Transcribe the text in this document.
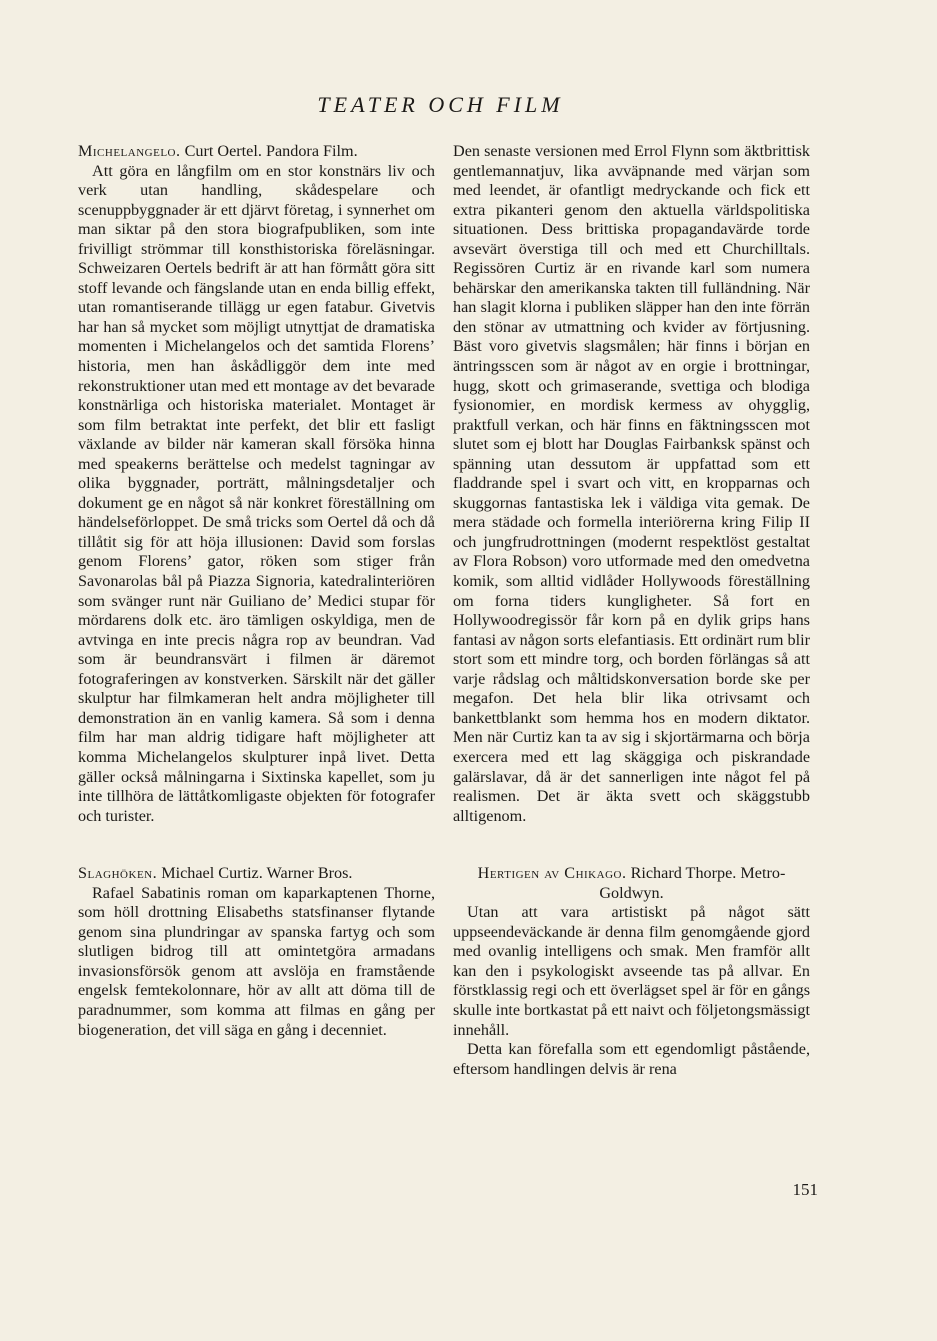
TEATER OCH FILM

Michelangelo. Curt Oertel. Pandora Film.

Att göra en långfilm om en stor konstnärs liv och verk utan handling, skådespelare och scenuppbyggnader är ett djärvt företag, i synnerhet om man siktar på den stora biografpubliken, som inte frivilligt strömmar till konsthistoriska föreläsningar. Schweizaren Oertels bedrift är att han förmått göra sitt stoff levande och fängslande utan en enda billig effekt, utan romantiserande tillägg ur egen fatabur. Givetvis har han så mycket som möjligt utnyttjat de dramatiska momenten i Michelangelos och det samtida Florens’ historia, men han åskådliggör dem inte med rekonstruktioner utan med ett montage av det bevarade konstnärliga och historiska materialet. Montaget är som film betraktat inte perfekt, det blir ett fasligt växlande av bilder när kameran skall försöka hinna med speakerns berättelse och medelst tagningar av olika byggnader, porträtt, målningsdetaljer och dokument ge en något så när konkret föreställning om händelseförloppet. De små tricks som Oertel då och då tillåtit sig för att höja illusionen: David som forslas genom Florens’ gator, röken som stiger från Savonarolas bål på Piazza Signoria, katedralinteriören som svänger runt när Guiliano de’ Medici stupar för mördarens dolk etc. äro tämligen oskyldiga, men de avtvinga en inte precis några rop av beundran. Vad som är beundransvärt i filmen är däremot fotograferingen av konstverken. Särskilt när det gäller skulptur har filmkameran helt andra möjligheter till demonstration än en vanlig kamera. Så som i denna film har man aldrig tidigare haft möjligheter att komma Michelangelos skulpturer inpå livet. Detta gäller också målningarna i Sixtinska kapellet, som ju inte tillhöra de lättåtkomligaste objekten för fotografer och turister.

Slaghöken. Michael Curtiz. Warner Bros.

Rafael Sabatinis roman om kaparkaptenen Thorne, som höll drottning Elisabeths statsfinanser flytande genom sina plundringar av spanska fartyg och som slutligen bidrog till att omintetgöra armadans invasionsförsök genom att avslöja en framstående engelsk femtekolonnare, hör av allt att döma till de paradnummer, som komma att filmas en gång per biogeneration, det vill säga en gång i decenniet.

Den senaste versionen med Errol Flynn som äktbrittisk gentlemannatjuv, lika avväpnande med värjan som med leendet, är ofantligt medryckande och fick ett extra pikanteri genom den aktuella världspolitiska situationen. Dess brittiska propagandavärde torde avsevärt överstiga till och med ett Churchilltals. Regissören Curtiz är en rivande karl som numera behärskar den amerikanska takten till fulländning. När han slagit klorna i publiken släpper han den inte förrän den stönar av utmattning och kvider av förtjusning. Bäst voro givetvis slagsmålen; här finns i början en äntringsscen som är något av en orgie i brottningar, hugg, skott och grimaserande, svettiga och blodiga fysionomier, en mordisk kermess av ohygglig, praktfull verkan, och här finns en fäktningsscen mot slutet som ej blott har Douglas Fairbanksk spänst och spänning utan dessutom är uppfattad som ett fladdrande spel i svart och vitt, en kropparnas och skuggornas fantastiska lek i väldiga vita gemak. De mera städade och formella interiörerna kring Filip II och jungfrudrottningen (modernt respektlöst gestaltat av Flora Robson) voro utformade med den omedvetna komik, som alltid vidlåder Hollywoods föreställning om forna tiders kungligheter. Så fort en Hollywoodregissör får korn på en dylik grips hans fantasi av någon sorts elefantiasis. Ett ordinärt rum blir stort som ett mindre torg, och borden förlängas så att varje rådslag och måltidskonversation borde ske per megafon. Det hela blir lika otrivsamt och bankettblankt som hemma hos en modern diktator. Men när Curtiz kan ta av sig i skjortärmarna och börja exercera med ett lag skäggiga och piskrandade galärslavar, då är det sannerligen inte något fel på realismen. Det är äkta svett och skäggstubb alltigenom.

Hertigen av Chikago. Richard Thorpe. Metro-Goldwyn.

Utan att vara artistiskt på något sätt uppseendeväckande är denna film genomgående gjord med ovanlig intelligens och smak. Men framför allt kan den i psykologiskt avseende tas på allvar. En förstklassig regi och ett överlägset spel är för en gångs skulle inte bortkastat på ett naivt och följetongsmässigt innehåll.

Detta kan förefalla som ett egendomligt påstående, eftersom handlingen delvis är rena

151
